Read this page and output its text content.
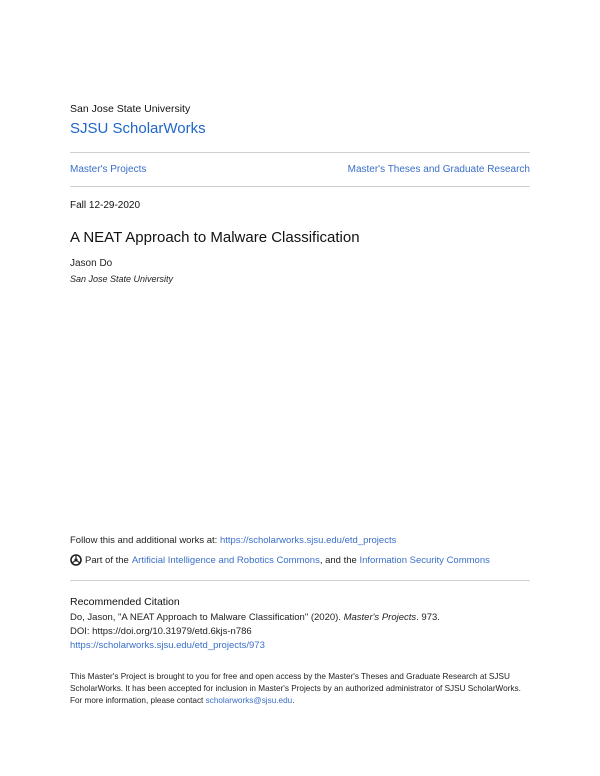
San Jose State University
SJSU ScholarWorks
Master's Projects	Master's Theses and Graduate Research
Fall 12-29-2020
A NEAT Approach to Malware Classification
Jason Do
San Jose State University
Follow this and additional works at: https://scholarworks.sjsu.edu/etd_projects
Part of the Artificial Intelligence and Robotics Commons , and the Information Security Commons
Recommended Citation
Do, Jason, "A NEAT Approach to Malware Classification" (2020). Master's Projects. 973.
DOI: https://doi.org/10.31979/etd.6kjs-n786
https://scholarworks.sjsu.edu/etd_projects/973
This Master's Project is brought to you for free and open access by the Master's Theses and Graduate Research at SJSU ScholarWorks. It has been accepted for inclusion in Master's Projects by an authorized administrator of SJSU ScholarWorks. For more information, please contact scholarworks@sjsu.edu.
